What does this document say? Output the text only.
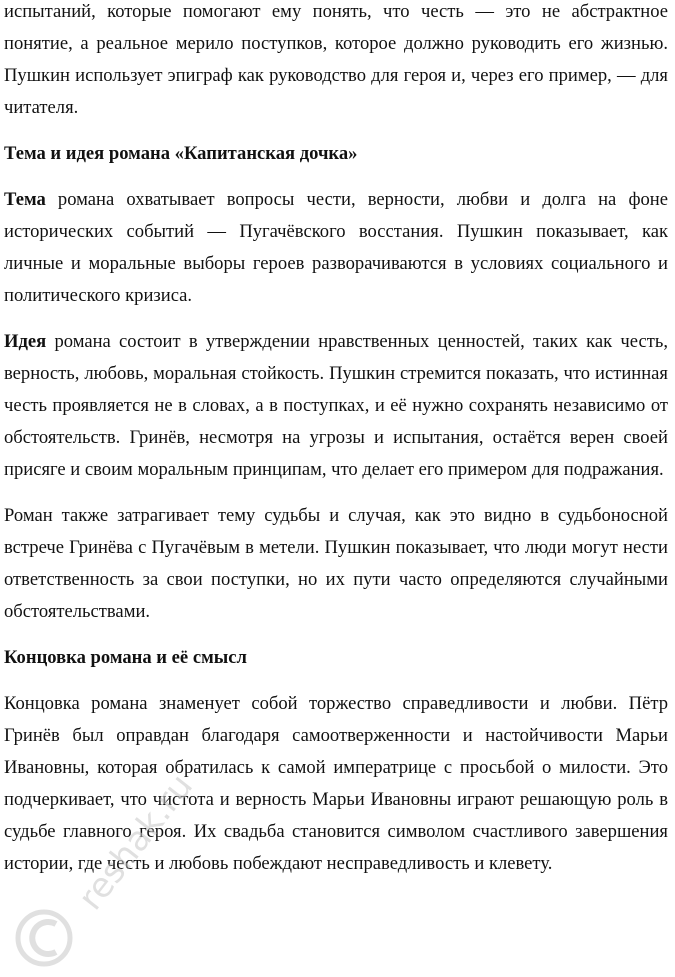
испытаний, которые помогают ему понять, что честь — это не абстрактное понятие, а реальное мерило поступков, которое должно руководить его жизнью. Пушкин использует эпиграф как руководство для героя и, через его пример, — для читателя.

Тема и идея романа «Капитанская дочка»

Тема романа охватывает вопросы чести, верности, любви и долга на фоне исторических событий — Пугачёвского восстания. Пушкин показывает, как личные и моральные выборы героев разворачиваются в условиях социального и политического кризиса.

Идея романа состоит в утверждении нравственных ценностей, таких как честь, верность, любовь, моральная стойкость. Пушкин стремится показать, что истинная честь проявляется не в словах, а в поступках, и её нужно сохранять независимо от обстоятельств. Гринёв, несмотря на угрозы и испытания, остаётся верен своей присяге и своим моральным принципам, что делает его примером для подражания.

Роман также затрагивает тему судьбы и случая, как это видно в судьбоносной встрече Гринёва с Пугачёвым в метели. Пушкин показывает, что люди могут нести ответственность за свои поступки, но их пути часто определяются случайными обстоятельствами.

Концовка романа и её смысл

Концовка романа знаменует собой торжество справедливости и любви. Пётр Гринёв был оправдан благодаря самоотверженности и настойчивости Марьи Ивановны, которая обратилась к самой императрице с просьбой о милости. Это подчеркивает, что чистота и верность Марьи Ивановны играют решающую роль в судьбе главного героя. Их свадьба становится символом счастливого завершения истории, где честь и любовь побеждают несправедливость и клевету.

reshak.ru
